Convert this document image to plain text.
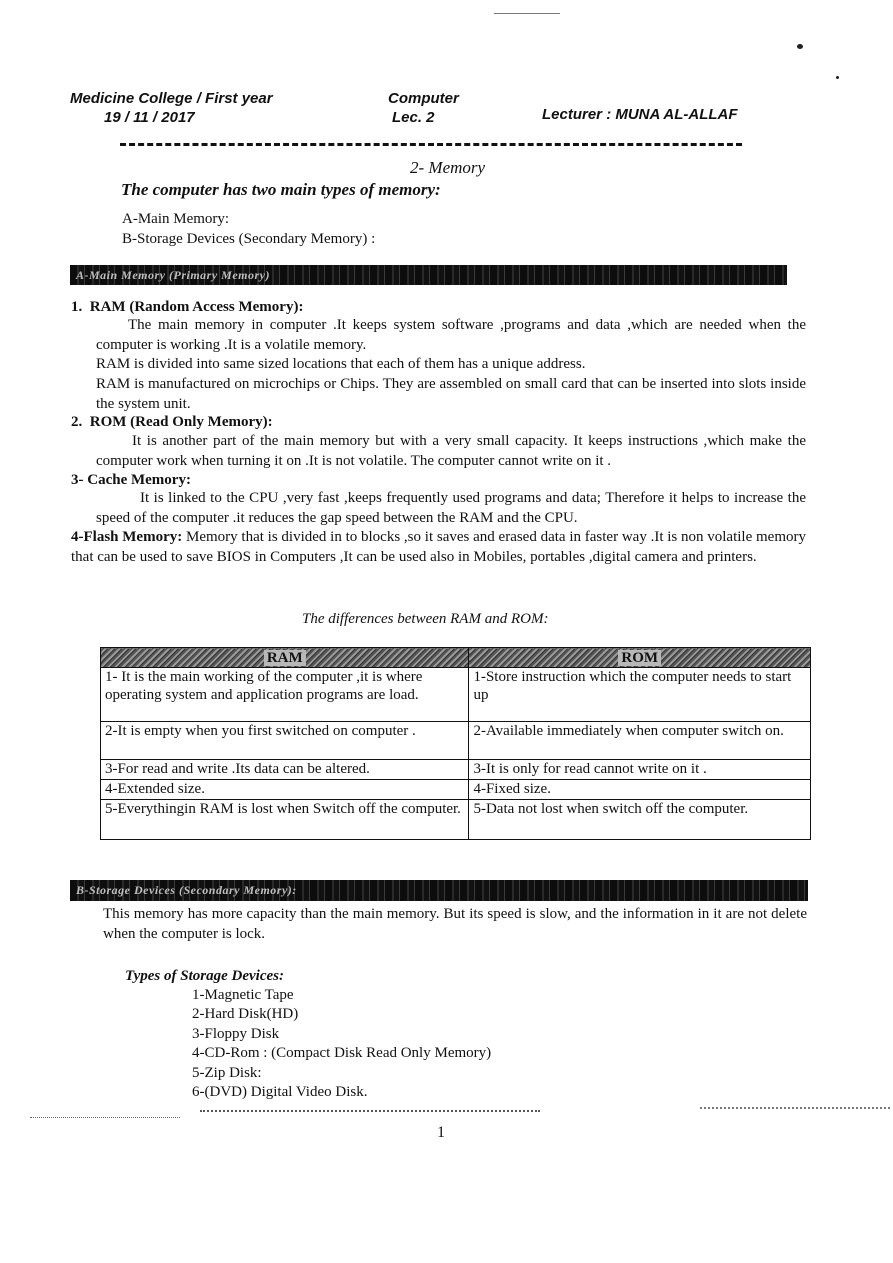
Medicine College / First year
19 / 11 / 2017
Computer
Lec. 2	Lecturer : MUNA AL-ALLAF
2- Memory
The computer has two main types of memory:
A-Main Memory:
B-Storage Devices (Secondary Memory) :
A-Main Memory (Primary Memory)
1.  RAM (Random Access Memory):
The main memory in computer .It keeps system software ,programs and data ,which are needed when the computer is working .It is a volatile memory.
RAM is divided into same sized locations that each of them has a unique address.
RAM is manufactured on microchips or Chips. They are assembled on small card that can be inserted into slots inside the system unit.
2.  ROM (Read Only Memory):
It is another part of the main memory but with a very small capacity. It keeps instructions ,which make the computer work when turning it on .It is not volatile. The computer cannot write on it .
3- Cache Memory:
It is linked to the CPU ,very fast ,keeps frequently used programs and data; Therefore it helps to increase the speed of the computer .it reduces the gap speed between the RAM and the CPU.
4-Flash Memory: Memory that is divided in to blocks ,so it saves and erased data in faster way .It is non volatile memory that can be used to save BIOS in Computers ,It can be used also in Mobiles, portables ,digital camera and printers.
The differences between RAM and ROM:
RAM	ROM
1- It is the main working of the computer ,it is where operating system and application programs are load.	1-Store instruction which the computer needs to start up
2-It is empty when you first switched on computer .	2-Available immediately when computer switch on.
3-For read and write .Its data can be altered.	3-It is only for read cannot write on it .
4-Extended size.	4-Fixed size.
5-Everythingin RAM is lost when Switch off the computer.	5-Data not lost when switch off the computer.
B-Storage Devices (Secondary Memory):
This memory has more capacity than the main memory. But its speed is slow, and the information in it are not delete when the computer is lock.
Types of Storage Devices:
1-Magnetic Tape
2-Hard Disk(HD)
3-Floppy Disk
4-CD-Rom : (Compact Disk Read Only Memory)
5-Zip Disk:
6-(DVD) Digital Video Disk.
1
